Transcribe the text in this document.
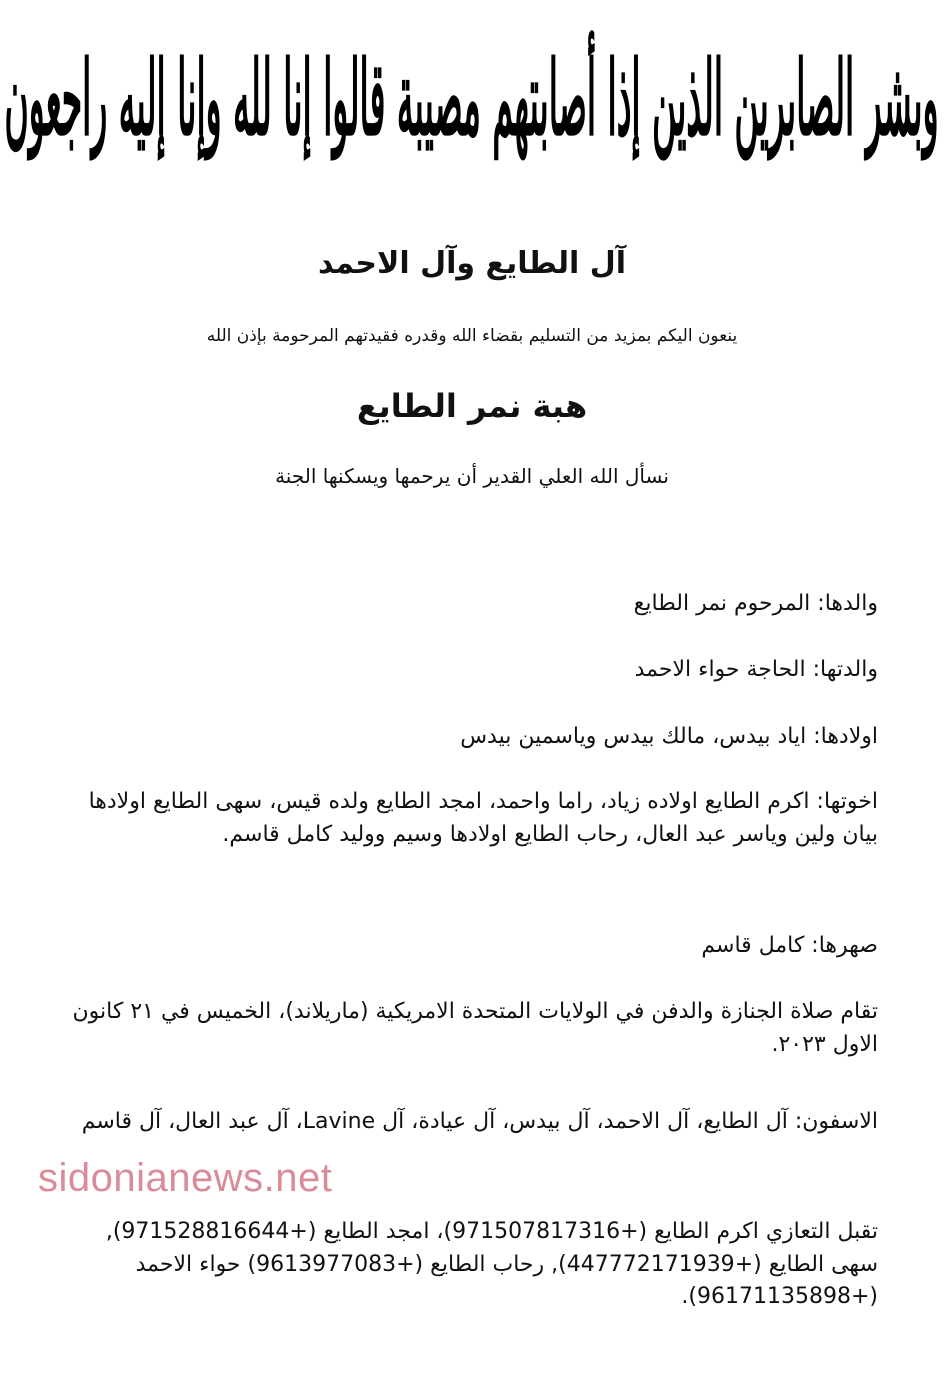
وبشر الصابرين الذين إذا أصابتهم مصيبة قالوا إنا لله وإنا إليه راجعون
آل الطايع وآل الاحمد
ينعون اليكم بمزيد من التسليم بقضاء الله وقدره فقيدتهم المرحومة بإذن الله
هبة نمر الطايع
نسأل الله العلي القدير أن يرحمها ويسكنها الجنة

والدها: المرحوم نمر الطايع

والدتها: الحاجة حواء الاحمد

اولادها: اياد بيدس، مالك بيدس وياسمين بيدس

اخوتها: اكرم الطايع اولاده زياد، راما واحمد، امجد الطايع ولده قيس، سهى الطايع اولادها بيان ولين وياسر عبد العال، رحاب الطايع اولادها وسيم ووليد كامل قاسم.

صهرها: كامل قاسم

تقام صلاة الجنازة والدفن في الولايات المتحدة الامريكية (ماريلاند)، الخميس في ٢١ كانون الاول ٢٠٢٣.

الاسفون: آل الطايع، آل الاحمد، آل بيدس، آل عيادة، آل Lavine، آل عبد العال، آل قاسم

تقبل التعازي اكرم الطايع (+971507817316)، امجد الطايع (+971528816644), سهى الطايع (+447772171939), رحاب الطايع (+9613977083) حواء الاحمد (+96171135898).

sidonianews.net
